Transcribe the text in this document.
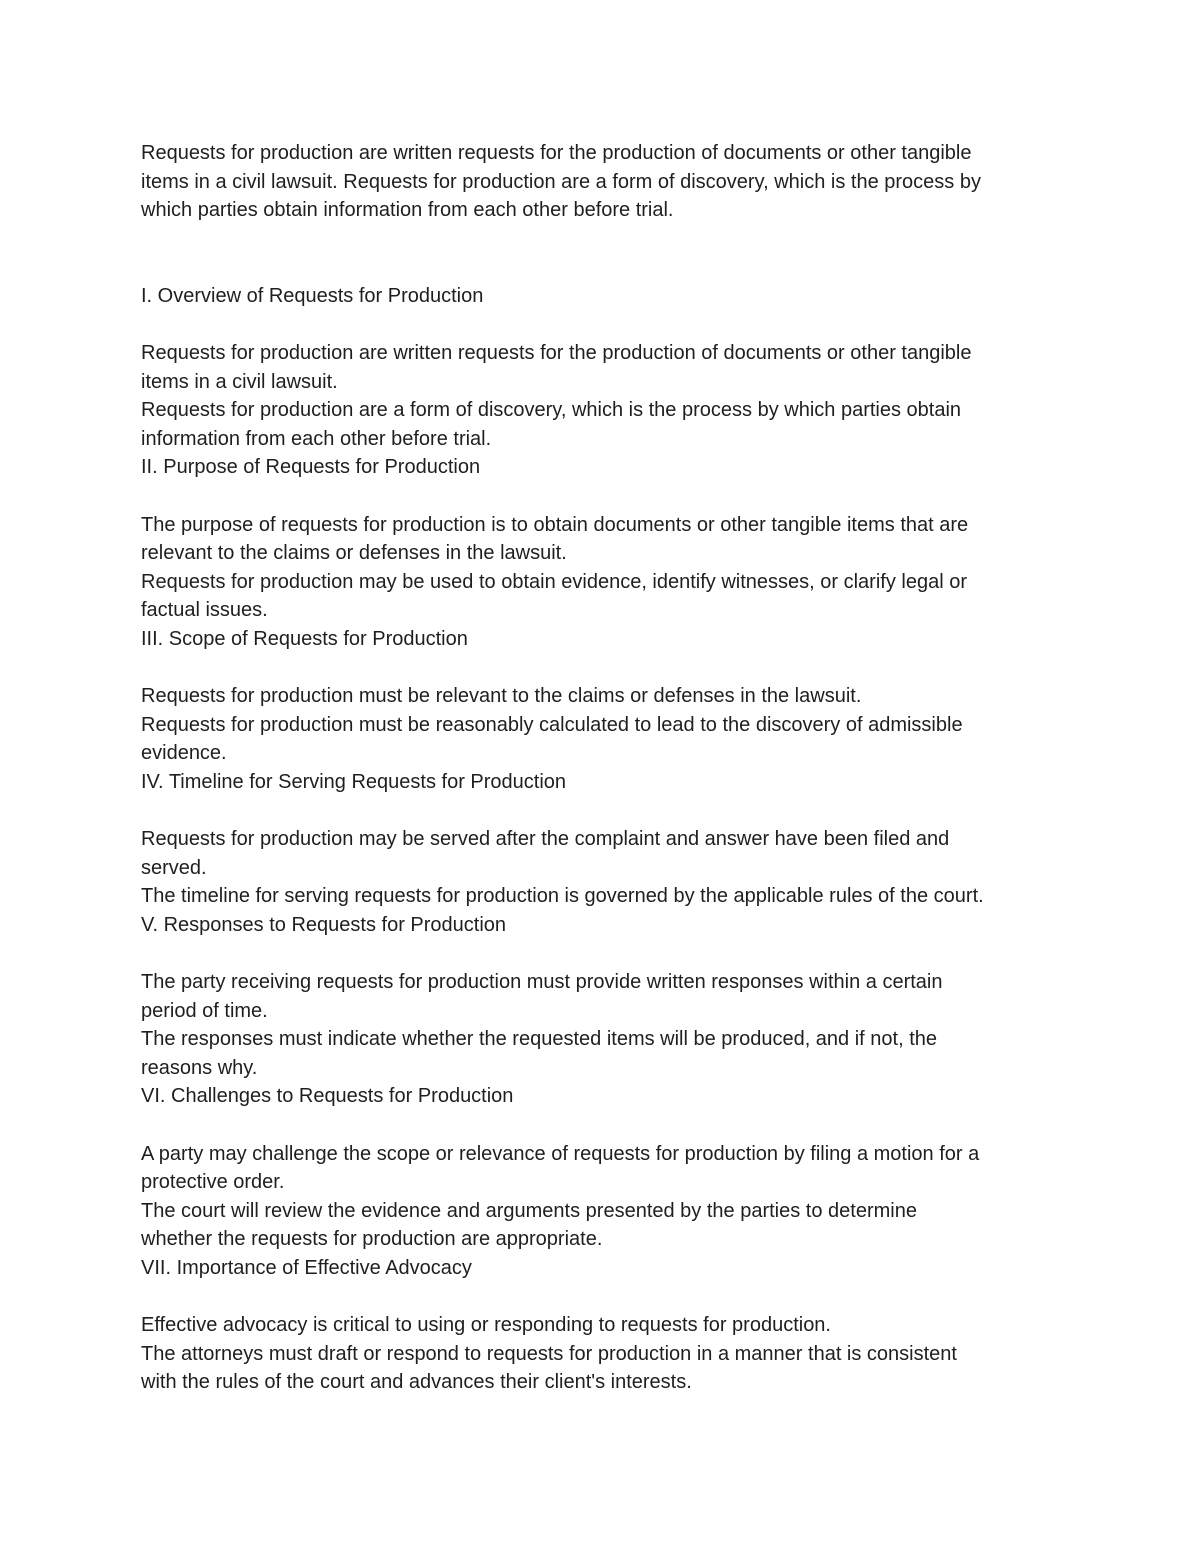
Requests for production are written requests for the production of documents or other tangible
items in a civil lawsuit. Requests for production are a form of discovery, which is the process by
which parties obtain information from each other before trial.

I. Overview of Requests for Production

Requests for production are written requests for the production of documents or other tangible
items in a civil lawsuit.

Requests for production are a form of discovery, which is the process by which parties obtain
information from each other before trial.

II. Purpose of Requests for Production

The purpose of requests for production is to obtain documents or other tangible items that are
relevant to the claims or defenses in the lawsuit.

Requests for production may be used to obtain evidence, identify witnesses, or clarify legal or
factual issues.

III. Scope of Requests for Production

Requests for production must be relevant to the claims or defenses in the lawsuit.

Requests for production must be reasonably calculated to lead to the discovery of admissible
evidence.

IV. Timeline for Serving Requests for Production

Requests for production may be served after the complaint and answer have been filed and
served.

The timeline for serving requests for production is governed by the applicable rules of the court.

V. Responses to Requests for Production

The party receiving requests for production must provide written responses within a certain
period of time.

The responses must indicate whether the requested items will be produced, and if not, the
reasons why.

VI. Challenges to Requests for Production

A party may challenge the scope or relevance of requests for production by filing a motion for a
protective order.

The court will review the evidence and arguments presented by the parties to determine
whether the requests for production are appropriate.

VII. Importance of Effective Advocacy

Effective advocacy is critical to using or responding to requests for production.

The attorneys must draft or respond to requests for production in a manner that is consistent
with the rules of the court and advances their client's interests.
